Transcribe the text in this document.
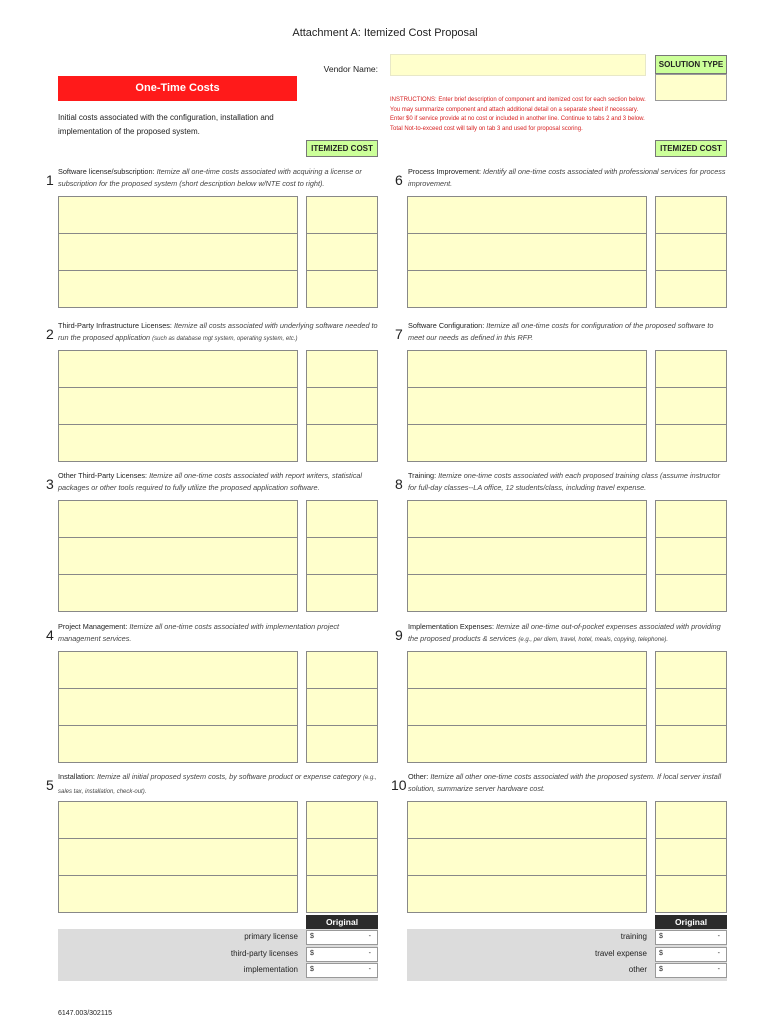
Attachment A: Itemized Cost Proposal
Vendor Name:	SOLUTION TYPE
One-Time Costs
Initial costs associated with the configuration, installation and implementation of the proposed system.
INSTRUCTIONS: Enter brief description of component and itemized cost for each section below. You may summarize component and attach additional detail on a separate sheet if necessary. Enter $0 if service provide at no cost or included in another line. Continue to tabs 2 and 3 below. Total Not-to-exceed cost will tally on tab 3 and used for proposal scoring.
ITEMIZED COST	ITEMIZED COST
1
Software license/subscription: Itemize all one-time costs associated with acquiring a license or subscription for the proposed system (short description below w/NTE cost to right).
2
Third-Party Infrastructure Licenses: Itemize all costs associated with underlying software needed to run the proposed application (such as database mgt system, operating system, etc.)
3
Other Third-Party Licenses: Itemize all one-time costs associated with report writers, statistical packages or other tools required to fully utilize the proposed application software.
4
Project Management: Itemize all one-time costs associated with implementation project management services.
5
Installation: Itemize all initial proposed system costs, by software product or expense category (e.g., sales tax, installation, check-out).
6
Process Improvement: Identify all one-time costs associated with professional services for process improvement.
7
Software Configuration: Itemize all one-time costs for configuration of the proposed software to meet our needs as defined in this RFP.
8
Training: Itemize one-time costs associated with each proposed training class (assume instructor for full-day classes--LA office, 12 students/class, including travel expense.
9
Implementation Expenses: Itemize all one-time out-of-pocket expenses associated with providing the proposed products & services (e.g., per diem, travel, hotel, meals, copying, telephone).
10
Other: Itemize all other one-time costs associated with the proposed system. If local server install solution, summarize server hardware cost.
Original	Original
primary license $	-
third-party licenses $	-
implementation $	-
training $	-
travel expense $	-
other $	-
6147.003/302115
